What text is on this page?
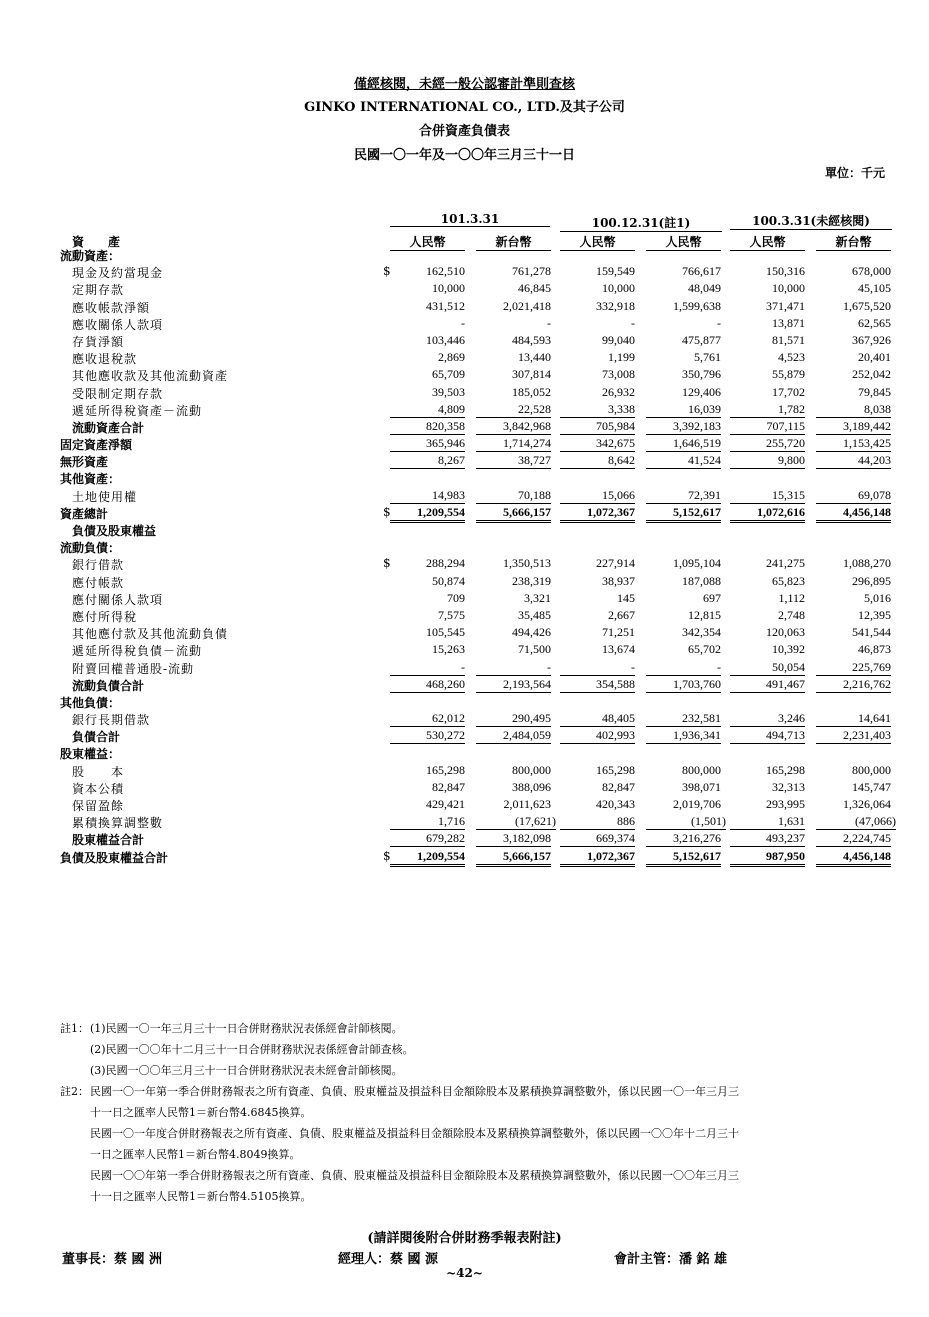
僅經核閱，未經一般公認審計準則查核
GINKO INTERNATIONAL CO., LTD.及其子公司
合併資產負債表
民國一〇一年及一〇〇年三月三十一日
單位：千元
101.3.31	100.12.31(註1)	100.3.31(未經核閱)
資　　產	人民幣	新台幣	人民幣	人民幣	人民幣	新台幣
流動資產：
現金及約當現金	$	162,510	761,278	159,549	766,617	150,316	678,000
定期存款	10,000	46,845	10,000	48,049	10,000	45,105
應收帳款淨額	431,512	2,021,418	332,918	1,599,638	371,471	1,675,520
應收關係人款項	-	-	-	-	13,871	62,565
存貨淨額	103,446	484,593	99,040	475,877	81,571	367,926
應收退稅款	2,869	13,440	1,199	5,761	4,523	20,401
其他應收款及其他流動資產	65,709	307,814	73,008	350,796	55,879	252,042
受限制定期存款	39,503	185,052	26,932	129,406	17,702	79,845
遞延所得稅資產－流動	4,809	22,528	3,338	16,039	1,782	8,038
流動資產合計	820,358	3,842,968	705,984	3,392,183	707,115	3,189,442
固定資產淨額	365,946	1,714,274	342,675	1,646,519	255,720	1,153,425
無形資產	8,267	38,727	8,642	41,524	9,800	44,203
其他資產：
土地使用權	14,983	70,188	15,066	72,391	15,315	69,078
資產總計	$	1,209,554	5,666,157	1,072,367	5,152,617	1,072,616	4,456,148
負債及股東權益
流動負債：
銀行借款	$	288,294	1,350,513	227,914	1,095,104	241,275	1,088,270
應付帳款	50,874	238,319	38,937	187,088	65,823	296,895
應付關係人款項	709	3,321	145	697	1,112	5,016
應付所得稅	7,575	35,485	2,667	12,815	2,748	12,395
其他應付款及其他流動負債	105,545	494,426	71,251	342,354	120,063	541,544
遞延所得稅負債－流動	15,263	71,500	13,674	65,702	10,392	46,873
附賣回權普通股-流動	-	-	-	-	50,054	225,769
流動負債合計	468,260	2,193,564	354,588	1,703,760	491,467	2,216,762
其他負債：
銀行長期借款	62,012	290,495	48,405	232,581	3,246	14,641
負債合計	530,272	2,484,059	402,993	1,936,341	494,713	2,231,403
股東權益：
股　　本	165,298	800,000	165,298	800,000	165,298	800,000
資本公積	82,847	388,096	82,847	398,071	32,313	145,747
保留盈餘	429,421	2,011,623	420,343	2,019,706	293,995	1,326,064
累積換算調整數	1,716	(17,621)	886	(1,501)	1,631	(47,066)
股東權益合計	679,282	3,182,098	669,374	3,216,276	493,237	2,224,745
負債及股東權益合計	$	1,209,554	5,666,157	1,072,367	5,152,617	987,950	4,456,148
註1：(1)民國一〇一年三月三十一日合併財務狀況表係經會計師核閱。
(2)民國一〇〇年十二月三十一日合併財務狀況表係經會計師查核。
(3)民國一〇〇年三月三十一日合併財務狀況表未經會計師核閱。
註2：民國一〇一年第一季合併財務報表之所有資產、負債、股東權益及損益科目金額除股本及累積換算調整數外，係以民國一〇一年三月三
十一日之匯率人民幣1＝新台幣4.6845換算。
民國一〇一年度合併財務報表之所有資產、負債、股東權益及損益科目金額除股本及累積換算調整數外，係以民國一〇〇年十二月三十
一日之匯率人民幣1＝新台幣4.8049換算。
民國一〇〇年第一季合併財務報表之所有資產、負債、股東權益及損益科目金額除股本及累積換算調整數外，係以民國一〇〇年三月三
十一日之匯率人民幣1＝新台幣4.5105換算。
(請詳閱後附合併財務季報表附註)
董事長：蔡 國 洲	經理人：蔡 國 源	會計主管：潘 銘 雄
~42~
